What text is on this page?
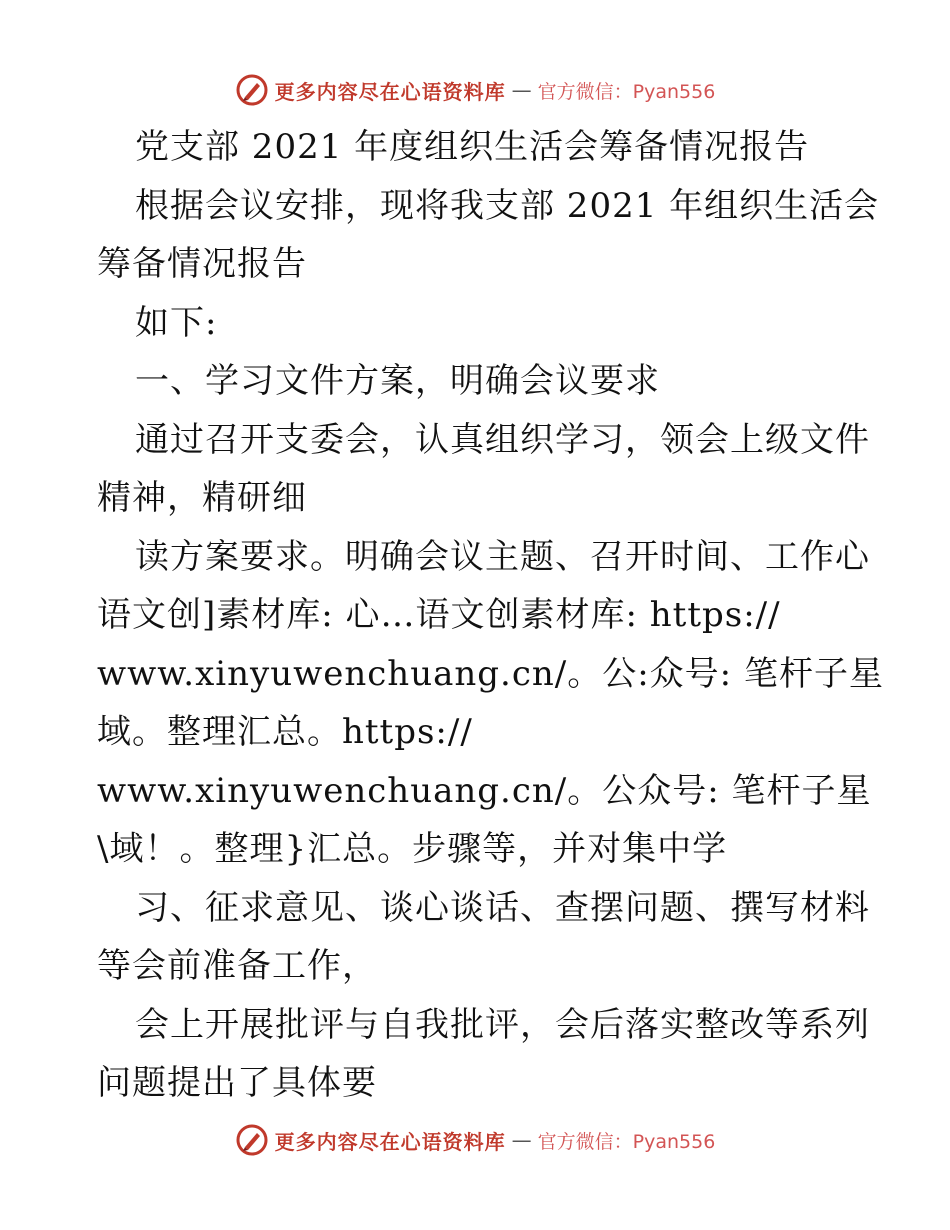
更多内容尽在心语资料库 — 官方微信：Pyan556
党支部 2021 年度组织生活会筹备情况报告
根据会议安排，现将我支部 2021 年组织生活会
筹备情况报告
如下:
一、学习文件方案，明确会议要求
通过召开支委会，认真组织学习，领会上级文件
精神，精研细
读方案要求。明确会议主题、召开时间、工作心
语文创]素材库: 心…语文创素材库: https://
www.xinyuwenchuang.cn/。公:众号: 笔杆子星
域。整理汇总。https://
www.xinyuwenchuang.cn/。公众号: 笔杆子星
\域！。整理}汇总。步骤等，并对集中学
习、征求意见、谈心谈话、查摆问题、撰写材料
等会前准备工作，
会上开展批评与自我批评，会后落实整改等系列
问题提出了具体要
更多内容尽在心语资料库 — 官方微信：Pyan556
